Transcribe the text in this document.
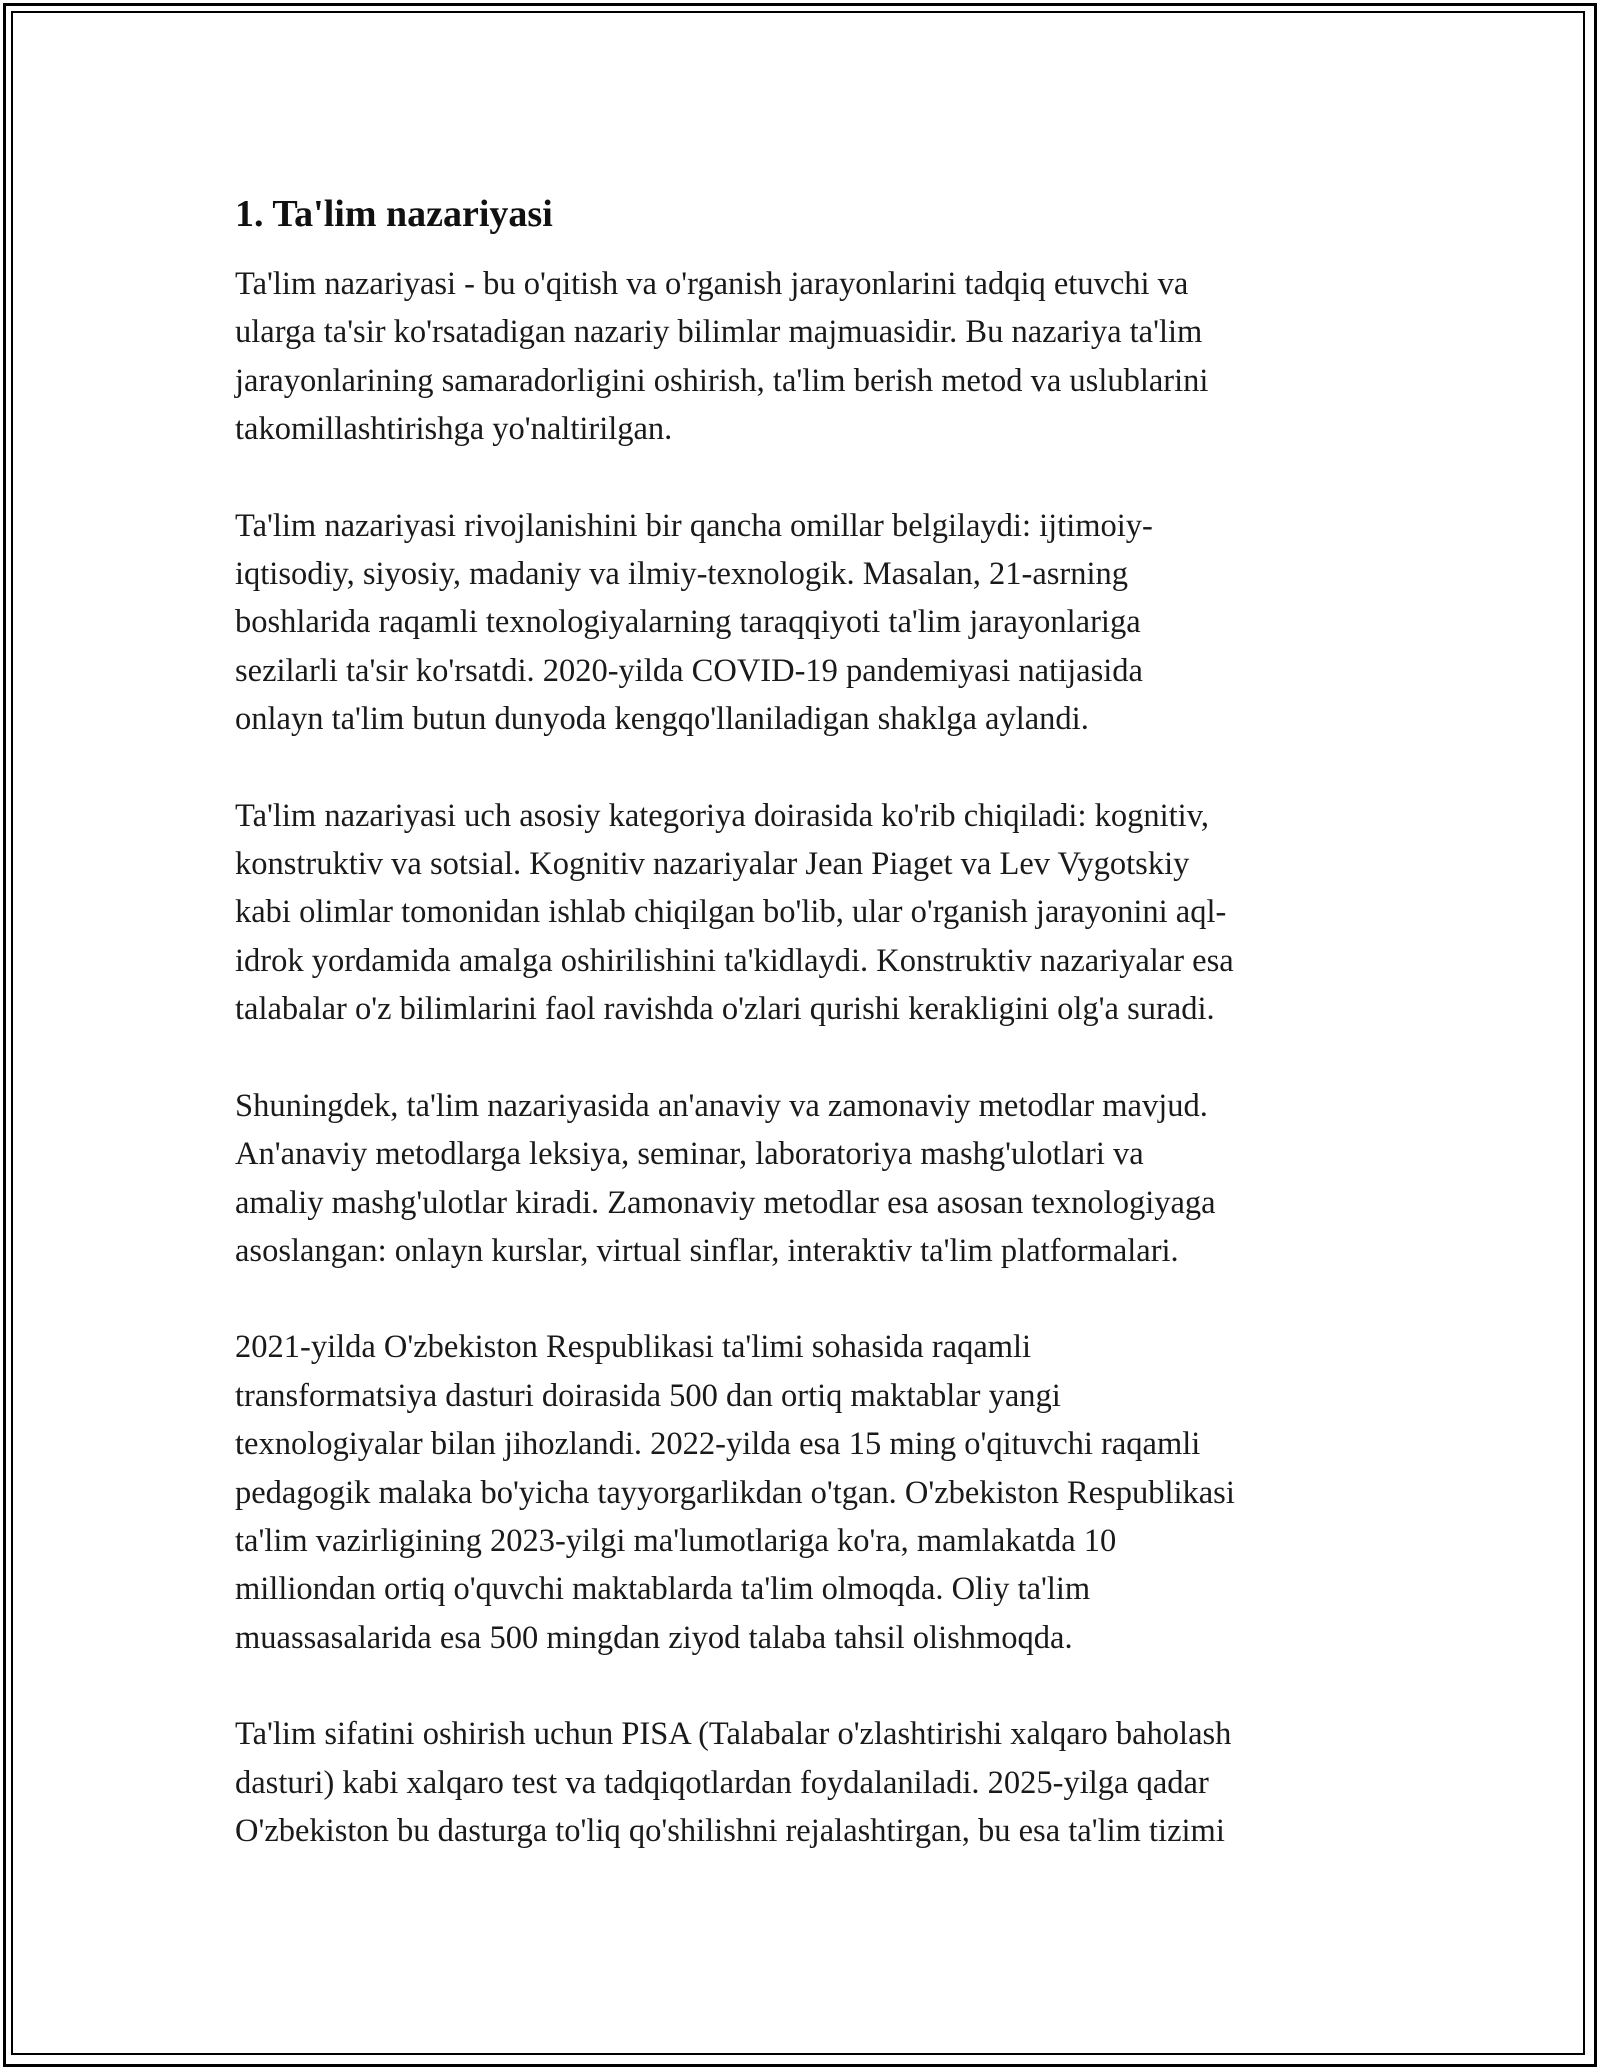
1. Ta'lim nazariyasi

Ta'lim nazariyasi - bu o'qitish va o'rganish jarayonlarini tadqiq etuvchi va
ularga ta'sir ko'rsatadigan nazariy bilimlar majmuasidir. Bu nazariya ta'lim
jarayonlarining samaradorligini oshirish, ta'lim berish metod va uslublarini
takomillashtirishga yo'naltirilgan.

Ta'lim nazariyasi rivojlanishini bir qancha omillar belgilaydi: ijtimoiy-
iqtisodiy, siyosiy, madaniy va ilmiy-texnologik. Masalan, 21-asrning
boshlarida raqamli texnologiyalarning taraqqiyoti ta'lim jarayonlariga
sezilarli ta'sir ko'rsatdi. 2020-yilda COVID-19 pandemiyasi natijasida
onlayn ta'lim butun dunyoda kengqo'llaniladigan shaklga aylandi.

Ta'lim nazariyasi uch asosiy kategoriya doirasida ko'rib chiqiladi: kognitiv,
konstruktiv va sotsial. Kognitiv nazariyalar Jean Piaget va Lev Vygotskiy
kabi olimlar tomonidan ishlab chiqilgan bo'lib, ular o'rganish jarayonini aql-
idrok yordamida amalga oshirilishini ta'kidlaydi. Konstruktiv nazariyalar esa
talabalar o'z bilimlarini faol ravishda o'zlari qurishi kerakligini olg'a suradi.

Shuningdek, ta'lim nazariyasida an'anaviy va zamonaviy metodlar mavjud.
An'anaviy metodlarga leksiya, seminar, laboratoriya mashg'ulotlari va
amaliy mashg'ulotlar kiradi. Zamonaviy metodlar esa asosan texnologiyaga
asoslangan: onlayn kurslar, virtual sinflar, interaktiv ta'lim platformalari.

2021-yilda O'zbekiston Respublikasi ta'limi sohasida raqamli
transformatsiya dasturi doirasida 500 dan ortiq maktablar yangi
texnologiyalar bilan jihozlandi. 2022-yilda esa 15 ming o'qituvchi raqamli
pedagogik malaka bo'yicha tayyorgarlikdan o'tgan. O'zbekiston Respublikasi
ta'lim vazirligining 2023-yilgi ma'lumotlariga ko'ra, mamlakatda 10
milliondan ortiq o'quvchi maktablarda ta'lim olmoqda. Oliy ta'lim
muassasalarida esa 500 mingdan ziyod talaba tahsil olishmoqda.

Ta'lim sifatini oshirish uchun PISA (Talabalar o'zlashtirishi xalqaro baholash
dasturi) kabi xalqaro test va tadqiqotlardan foydalaniladi. 2025-yilga qadar
O'zbekiston bu dasturga to'liq qo'shilishni rejalashtirgan, bu esa ta'lim tizimi
